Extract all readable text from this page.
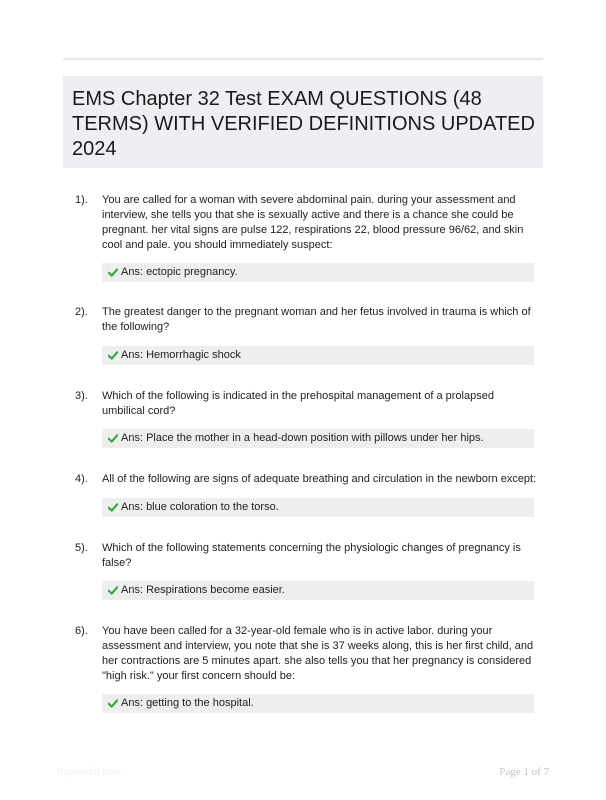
EMS Chapter 32 Test EXAM QUESTIONS (48 TERMS) WITH VERIFIED DEFINITIONS UPDATED 2024
1). You are called for a woman with severe abdominal pain. during your assessment and interview, she tells you that she is sexually active and there is a chance she could be pregnant. her vital signs are pulse 122, respirations 22, blood pressure 96/62, and skin cool and pale. you should immediately suspect:
Ans: ectopic pregnancy.
2). The greatest danger to the pregnant woman and her fetus involved in trauma is which of the following?
Ans: Hemorrhagic shock
3). Which of the following is indicated in the prehospital management of a prolapsed umbilical cord?
Ans: Place the mother in a head-down position with pillows under her hips.
4). All of the following are signs of adequate breathing and circulation in the newborn except:
Ans: blue coloration to the torso.
5). Which of the following statements concerning the physiologic changes of pregnancy is false?
Ans: Respirations become easier.
6). You have been called for a 32-year-old female who is in active labor. during your assessment and interview, you note that she is 37 weeks along, this is her first child, and her contractions are 5 minutes apart. she also tells you that her pregnancy is considered "high risk." your first concern should be:
Ans: getting to the hospital.
Papersbit.com	Page 1 of 7
